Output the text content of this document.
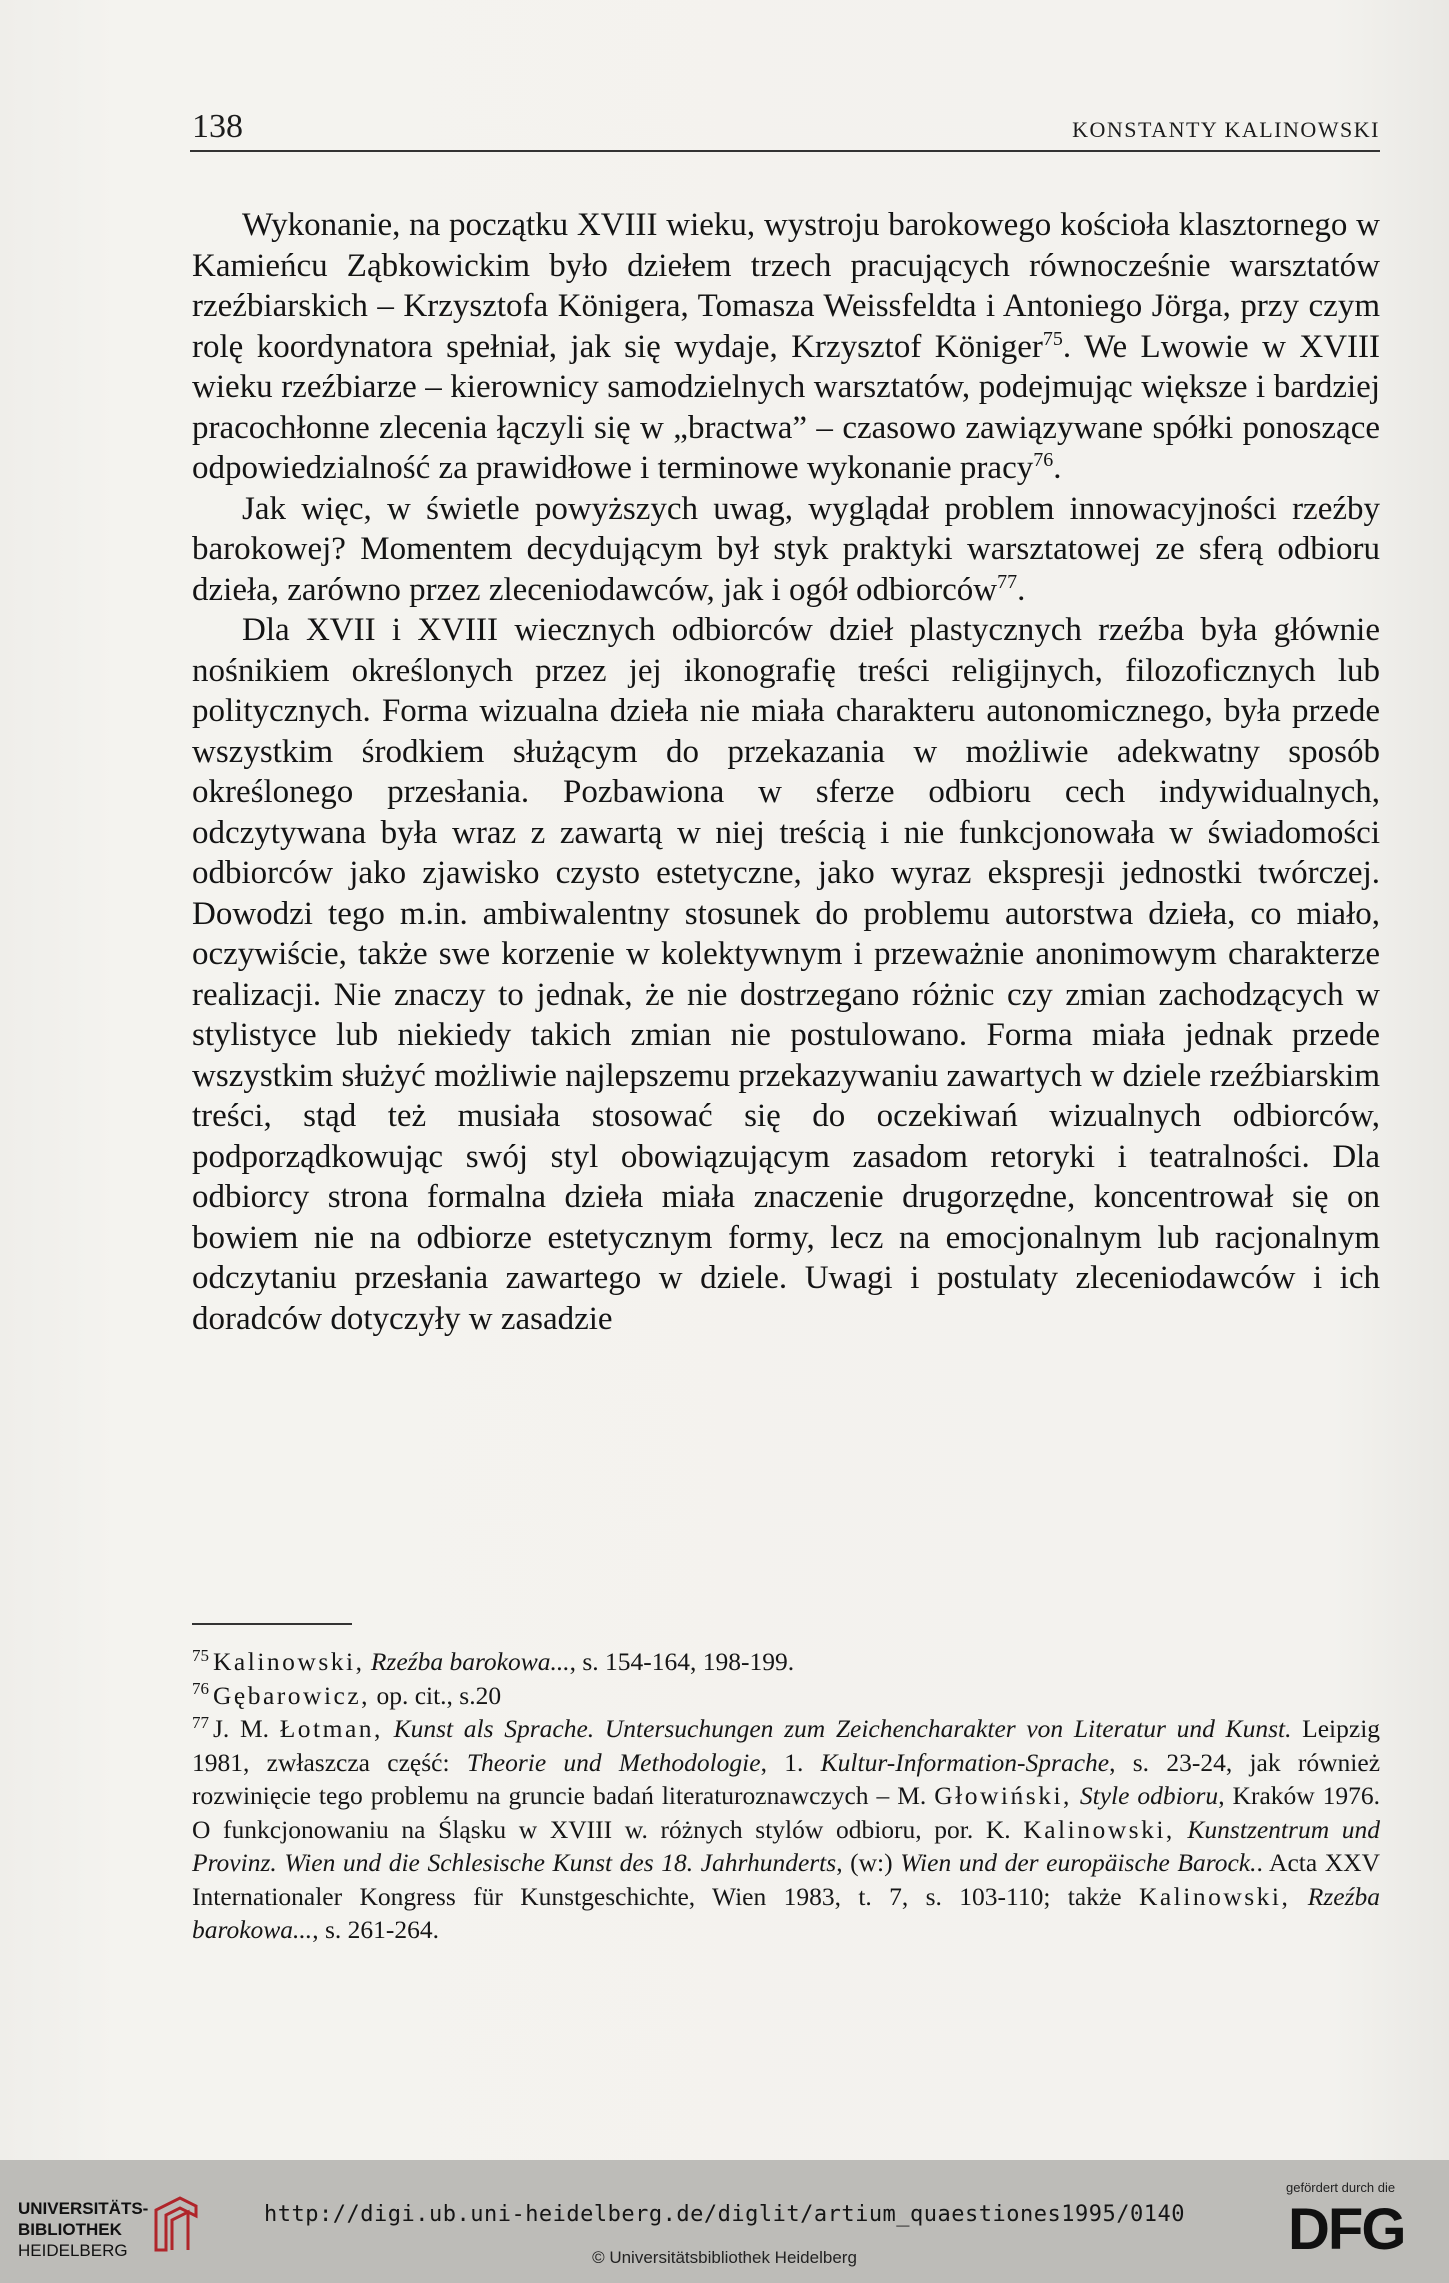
138	KONSTANTY KALINOWSKI

Wykonanie, na początku XVIII wieku, wystroju barokowego kościoła klasztornego w Kamieńcu Ząbkowickim było dziełem trzech pracujących równocześnie warsztatów rzeźbiarskich – Krzysztofa Königera, Tomasza Weissfeldta i Antoniego Jörga, przy czym rolę koordynatora spełniał, jak się wydaje, Krzysztof Königer$^{75}$. We Lwowie w XVIII wieku rzeźbiarze – kierownicy samodzielnych warsztatów, podejmując większe i bardziej pracochłonne zlecenia łączyli się w „bractwa” – czasowo zawiązywane spółki ponoszące odpowiedzialność za prawidłowe i terminowe wykonanie pracy$^{76}$.

Jak więc, w świetle powyższych uwag, wyglądał problem innowacyjności rzeźby barokowej? Momentem decydującym był styk praktyki warsztatowej ze sferą odbioru dzieła, zarówno przez zleceniodawców, jak i ogół odbiorców$^{77}$.

Dla XVII i XVIII wiecznych odbiorców dzieł plastycznych rzeźba była głównie nośnikiem określonych przez jej ikonografię treści religijnych, filozoficznych lub politycznych. Forma wizualna dzieła nie miała charakteru autonomicznego, była przede wszystkim środkiem służącym do przekazania w możliwie adekwatny sposób określonego przesłania. Pozbawiona w sferze odbioru cech indywidualnych, odczytywana była wraz z zawartą w niej treścią i nie funkcjonowała w świadomości odbiorców jako zjawisko czysto estetyczne, jako wyraz ekspresji jednostki twórczej. Dowodzi tego m.in. ambiwalentny stosunek do problemu autorstwa dzieła, co miało, oczywiście, także swe korzenie w kolektywnym i przeważnie anonimowym charakterze realizacji. Nie znaczy to jednak, że nie dostrzegano różnic czy zmian zachodzących w stylistyce lub niekiedy takich zmian nie postulowano. Forma miała jednak przede wszystkim służyć możliwie najlepszemu przekazywaniu zawartych w dziele rzeźbiarskim treści, stąd też musiała stosować się do oczekiwań wizualnych odbiorców, podporządkowując swój styl obowiązującym zasadom retoryki i teatralności. Dla odbiorcy strona formalna dzieła miała znaczenie drugorzędne, koncentrował się on bowiem nie na odbiorze estetycznym formy, lecz na emocjonalnym lub racjonalnym odczytaniu przesłania zawartego w dziele. Uwagi i postulaty zleceniodawców i ich doradców dotyczyły w zasadzie

$^{75}$ Kalinowski, Rzeźba barokowa..., s. 154-164, 198-199.

$^{76}$ Gębarowicz, op. cit., s.20

$^{77}$ J. M. Łotman, Kunst als Sprache. Untersuchungen zum Zeichencharakter von Literatur und Kunst. Leipzig 1981, zwłaszcza część: Theorie und Methodologie, 1. Kultur-Information-Sprache, s. 23-24, jak również rozwinięcie tego problemu na gruncie badań literaturoznawczych – M. Głowiński, Style odbioru, Kraków 1976. O funkcjonowaniu na Śląsku w XVIII w. różnych stylów odbioru, por. K. Kalinowski, Kunstzentrum und Provinz. Wien und die Schlesische Kunst des 18. Jahrhunderts, (w:) Wien und der europäische Barock.. Acta XXV Internationaler Kongress für Kunstgeschichte, Wien 1983, t. 7, s. 103-110; także Kalinowski, Rzeźba barokowa..., s. 261-264.

UNIVERSITÄTS-
BIBLIOTHEK
HEIDELBERG
http://digi.ub.uni-heidelberg.de/diglit/artium_quaestiones1995/0140
© Universitätsbibliothek Heidelberg
gefördert durch die
DFG
